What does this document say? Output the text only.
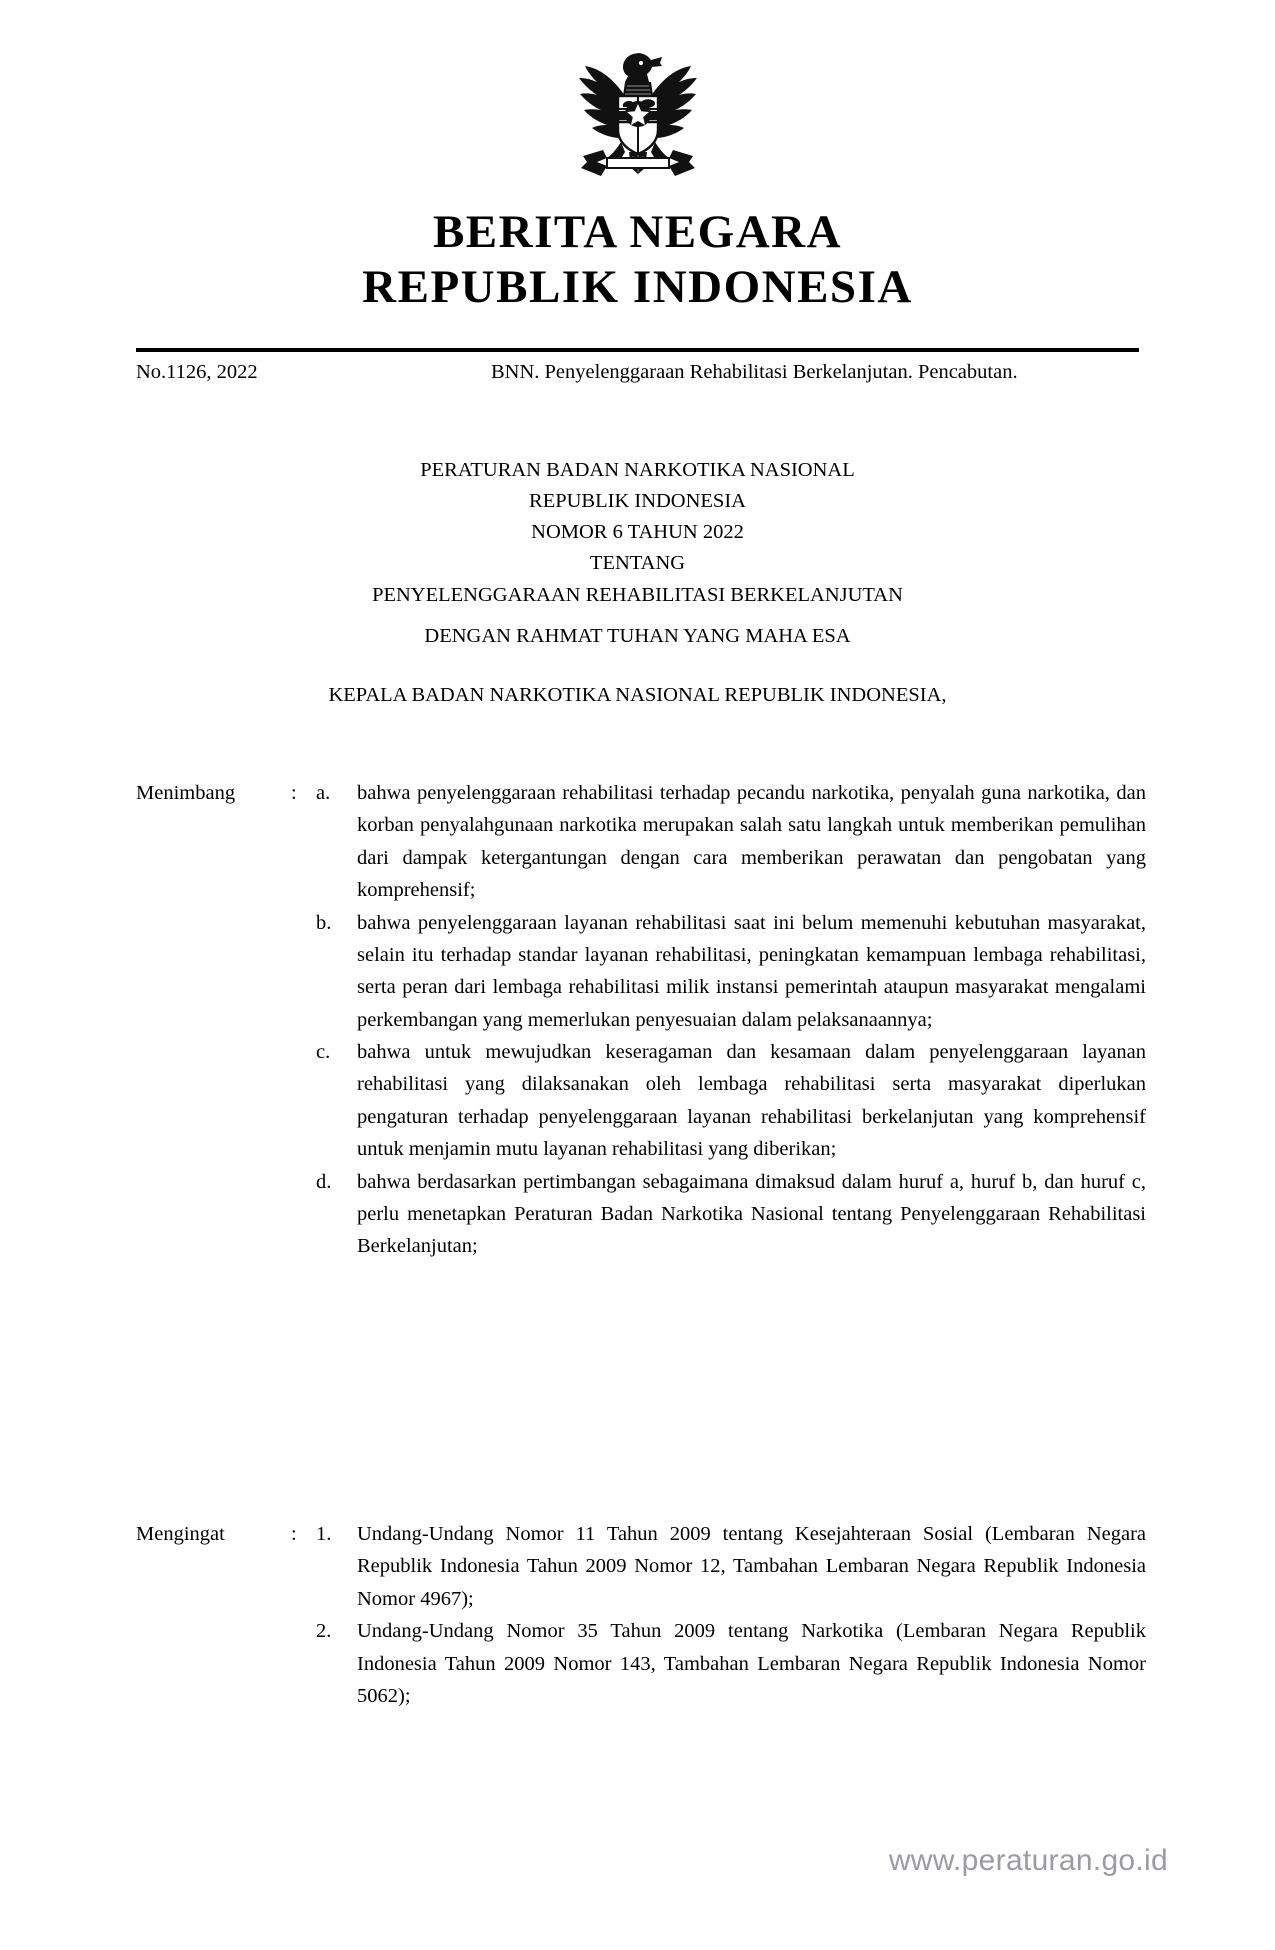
BERITA NEGARA
REPUBLIK INDONESIA
No.1126, 2022	BNN. Penyelenggaraan Rehabilitasi Berkelanjutan. Pencabutan.
PERATURAN BADAN NARKOTIKA NASIONAL
REPUBLIK INDONESIA
NOMOR 6 TAHUN 2022
TENTANG
PENYELENGGARAAN REHABILITASI BERKELANJUTAN
DENGAN RAHMAT TUHAN YANG MAHA ESA
KEPALA BADAN NARKOTIKA NASIONAL REPUBLIK INDONESIA,
Menimbang	: a.	bahwa penyelenggaraan rehabilitasi terhadap pecandu narkotika, penyalah guna narkotika, dan korban penyalahgunaan narkotika merupakan salah satu langkah untuk memberikan pemulihan dari dampak ketergantungan dengan cara memberikan perawatan dan pengobatan yang komprehensif;
b.	bahwa penyelenggaraan layanan rehabilitasi saat ini belum memenuhi kebutuhan masyarakat, selain itu terhadap standar layanan rehabilitasi, peningkatan kemampuan lembaga rehabilitasi, serta peran dari lembaga rehabilitasi milik instansi pemerintah ataupun masyarakat mengalami perkembangan yang memerlukan penyesuaian dalam pelaksanaannya;
c.	bahwa untuk mewujudkan keseragaman dan kesamaan dalam penyelenggaraan layanan rehabilitasi yang dilaksanakan oleh lembaga rehabilitasi serta masyarakat diperlukan pengaturan terhadap penyelenggaraan layanan rehabilitasi berkelanjutan yang komprehensif untuk menjamin mutu layanan rehabilitasi yang diberikan;
d.	bahwa berdasarkan pertimbangan sebagaimana dimaksud dalam huruf a, huruf b, dan huruf c, perlu menetapkan Peraturan Badan Narkotika Nasional tentang Penyelenggaraan Rehabilitasi Berkelanjutan;
Mengingat	: 1.	Undang-Undang Nomor 11 Tahun 2009 tentang Kesejahteraan Sosial (Lembaran Negara Republik Indonesia Tahun 2009 Nomor 12, Tambahan Lembaran Negara Republik Indonesia Nomor 4967);
2.	Undang-Undang Nomor 35 Tahun 2009 tentang Narkotika (Lembaran Negara Republik Indonesia Tahun 2009 Nomor 143, Tambahan Lembaran Negara Republik Indonesia Nomor 5062);
www.peraturan.go.id
